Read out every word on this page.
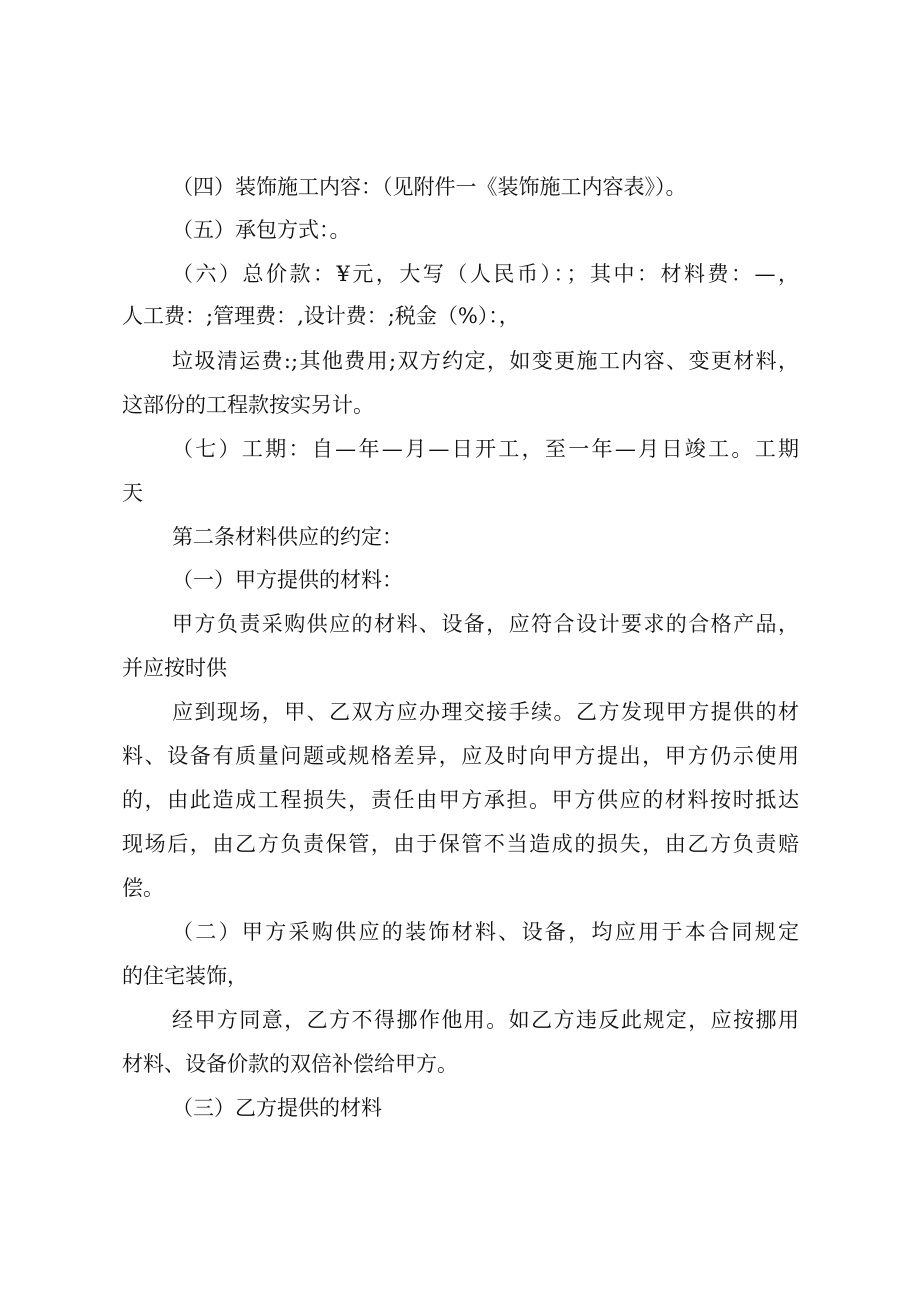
（四）装饰施工内容：（见附件一《装饰施工内容表》）。
（五）承包方式：。
（六）总价款：¥元，大写（人民币）：；其中：材料费：—，
人工费：;管理费：,设计费：;税金（%）：，
垃圾清运费:;其他费用;双方约定，如变更施工内容、变更材料，
这部份的工程款按实另计。
（七）工期：自—年—月—日开工，至一年—月日竣工。工期
天
第二条材料供应的约定：
（一）甲方提供的材料：
甲方负责采购供应的材料、设备，应符合设计要求的合格产品，
并应按时供
应到现场，甲、乙双方应办理交接手续。乙方发现甲方提供的材
料、设备有质量问题或规格差异，应及时向甲方提出，甲方仍示使用
的，由此造成工程损失，责任由甲方承担。甲方供应的材料按时抵达
现场后，由乙方负责保管，由于保管不当造成的损失，由乙方负责赔
偿。
（二）甲方采购供应的装饰材料、设备，均应用于本合同规定
的住宅装饰，
经甲方同意，乙方不得挪作他用。如乙方违反此规定，应按挪用
材料、设备价款的双倍补偿给甲方。
（三）乙方提供的材料
